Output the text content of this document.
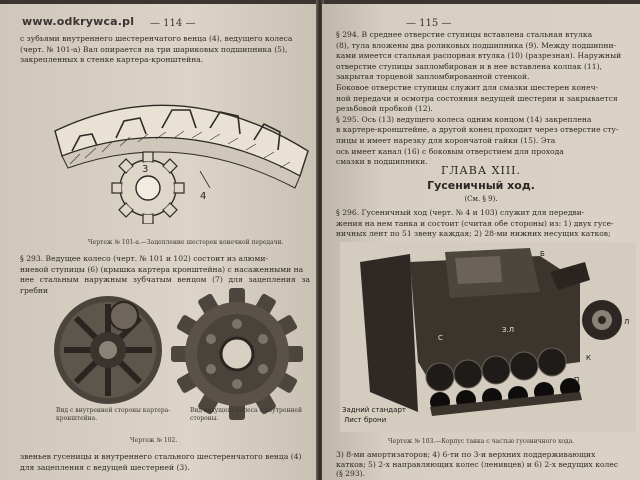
www.odkrywca.pl — 114 —
с зубьями внутреннего шестеренчатого венца (4), ведущего колеса
(черт. № 101-а) Вал опирается на три шариковых подшипника (5),
закрепленных в стенке картера-кронштейна.
3
4
Чертеж № 101-а.—Зацепление шестерен конечной передачи.
§ 293. Ведущее колесо (черт. № 101 и 102) состоит из алюми-
ниевой ступицы (6) (крышка картера кронштейна) с насаженными на
нее стальным наружным зубчатым венцом (7) для зацепления за гребни
Вид с внутренней стороны картера-кронштейна.
Вид ведущего колеса с внутренней стороны.
Чертеж № 102.
звеньев гусеницы и внутреннего стального шестеренчатого венца (4)
для зацепления с ведущей шестерней (3).
— 115 —
§ 294. В среднее отверстие ступицы вставлена стальная втулка
(8), тула вложены два роликовых подшипника (9). Между подшипни-
ками имеется стальная распорная втулка (10) (разрезная). Наружный
отверстие ступицы запломбирован и в нее вставлена колпак (11),
закрытая торцевой запломбированной стенкой.
Боковое отверстие ступицы служит для смазки шестерен конеч-
ной передачи и осмотра состояния ведущей шестерни и закрывается
резьбовой пробкой (12).
§ 295. Ось (13) ведущего колеса одним концом (14) закреплена
в картере-кронштейне, а другой конец проходит через отверстие сту-
пицы и имеет нарезку для корончатой гайки (15). Эта
ось имеет канал (16) с боковым отверстием для прохода
смазки в подшипники.
ГЛАВА XIII.
Гусеничный ход.
(См. § 9).
§ 296. Гусеничный ход (черт. № 4 и 103) служит для передви-
жения на нем танка и состоит (считая обе стороны) из: 1) двух гусе-
ничных лент по 51 звену каждая; 2) 28-ми нижних несущих катков;
Б
Г
З.Л
Л
К
С
П
Задний стандарт
Лист брони
Чертеж № 103.—Корпус танка с частью гусеничного хода.
3) 8-ми амортизаторов; 4) 6-ти по 3-и верхних поддерживающих
катков; 5) 2-х направляющих колес (ленивцев) и 6) 2-х ведущих колес
(§ 293).
